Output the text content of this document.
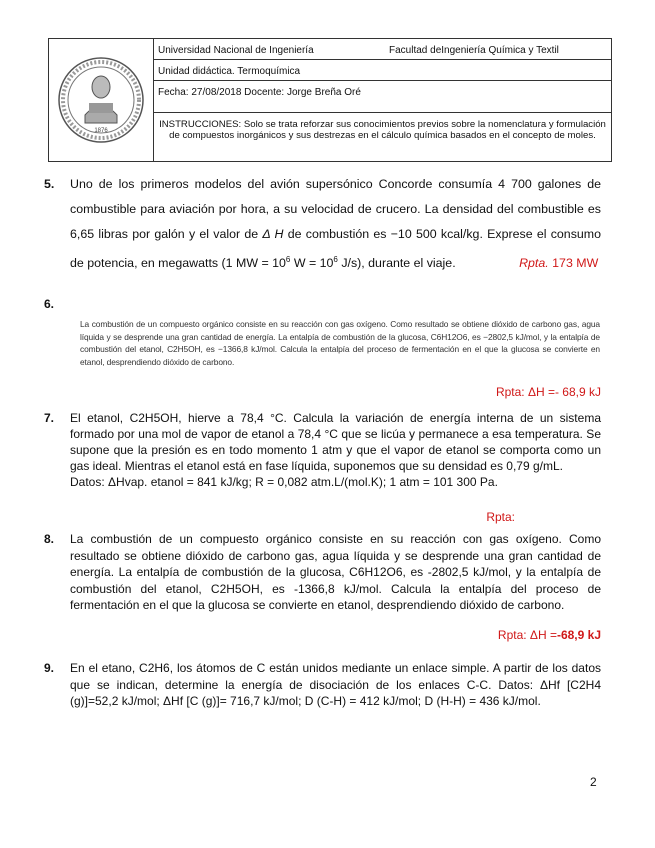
1876
Universidad Nacional de Ingeniería	Facultad deIngeniería Química y Textil
Unidad didáctica. Termoquímica
Fecha: 27/08/2018 Docente: Jorge Breña Oré
INSTRUCCIONES: Solo se trata reforzar sus conocimientos previos sobre la nomenclatura y formulación de compuestos inorgánicos y sus destrezas en el cálculo química basados en el concepto de moles.
5. Uno de los primeros modelos del avión supersónico Concorde consumía 4 700 galones de combustible para aviación por hora, a su velocidad de crucero. La densidad del combustible es 6,65 libras por galón y el valor de Δ H de combustión es −10 500 kcal/kg. Exprese el consumo de potencia, en megawatts (1 MW = $10^6$ $W = 10^6$ J/s), durante el viaje.	Rpta. 173 MW
6.
La combustión de un compuesto orgánico consiste en su reacción con gas oxígeno. Como resultado se obtiene dióxido de carbono gas, agua líquida y se desprende una gran cantidad de energía. La entalpía de combustión de la glucosa, C6H12O6, es −2802,5 kJ/mol, y la entalpía de combustión del etanol, C2H5OH, es −1366,8 kJ/mol. Calcula la entalpía del proceso de fermentación en el que la glucosa se convierte en etanol, desprendiendo dióxido de carbono.
Rpta: ΔH =- 68,9 kJ
7. El etanol, C2H5OH, hierve a 78,4 °C. Calcula la variación de energía interna de un sistema formado por una mol de vapor de etanol a 78,4 °C que se licúa y permanece a esa temperatura. Se supone que la presión es en todo momento 1 atm y que el vapor de etanol se comporta como un gas ideal. Mientras el etanol está en fase líquida, suponemos que su densidad es 0,79 g/mL.
Datos: ΔHvap. etanol = 841 kJ/kg; R = 0,082 atm.L/(mol.K); 1 atm = 101 300 Pa.
Rpta:
8. La combustión de un compuesto orgánico consiste en su reacción con gas oxígeno. Como resultado se obtiene dióxido de carbono gas, agua líquida y se desprende una gran cantidad de energía. La entalpía de combustión de la glucosa, C6H12O6, es -2802,5 kJ/mol, y la entalpía de combustión del etanol, C2H5OH, es -1366,8 kJ/mol. Calcula la entalpía del proceso de fermentación en el que la glucosa se convierte en etanol, desprendiendo dióxido de carbono.
Rpta: ΔH =-68,9 kJ
9. En el etano, C2H6, los átomos de C están unidos mediante un enlace simple. A partir de los datos que se indican, determine la energía de disociación de los enlaces C-C. Datos: ΔHf [C2H4 (g)]=52,2 kJ/mol; ΔHf [C (g)]= 716,7 kJ/mol; D (C-H) = 412 kJ/mol; D (H-H) = 436 kJ/mol.
2
